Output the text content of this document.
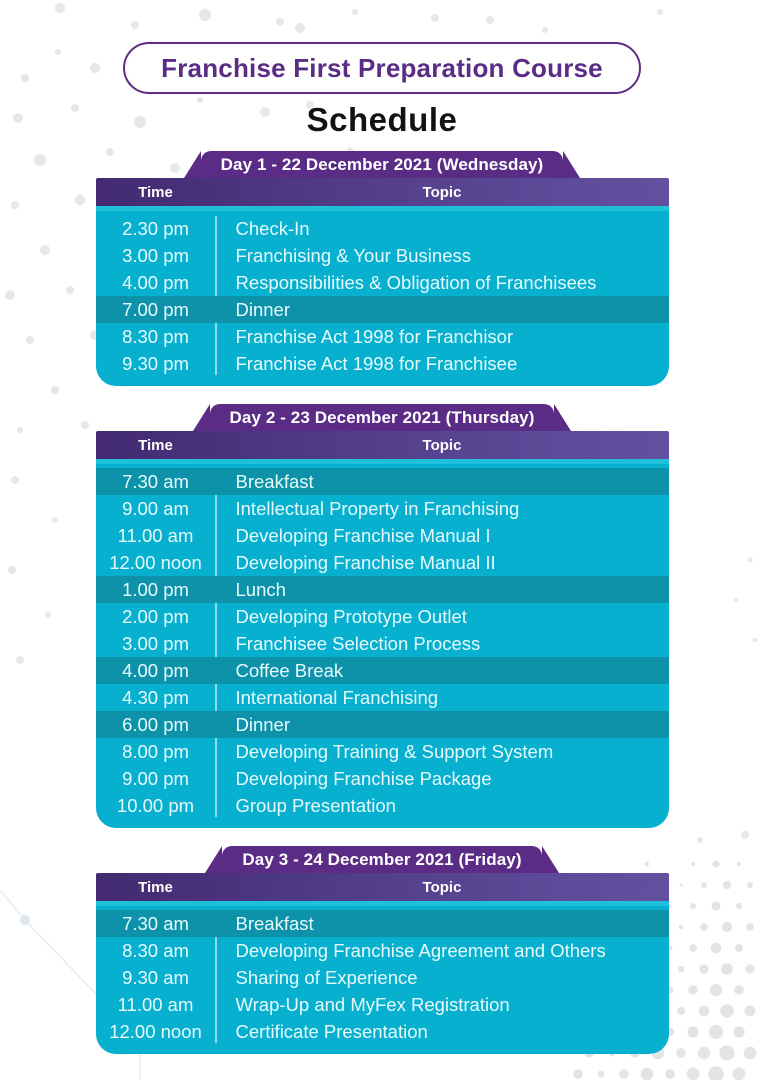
Franchise First Preparation Course
Schedule
Day 1 - 22 December 2021 (Wednesday)
Time	Topic
2.30 pm	Check-In
3.00 pm	Franchising & Your Business
4.00 pm	Responsibilities & Obligation of Franchisees
7.00 pm	Dinner
8.30 pm	Franchise Act 1998 for Franchisor
9.30 pm	Franchise Act 1998 for Franchisee
Day 2 - 23 December 2021 (Thursday)
Time	Topic
7.30 am	Breakfast
9.00 am	Intellectual Property in Franchising
11.00 am	Developing Franchise Manual I
12.00 noon	Developing Franchise Manual II
1.00 pm	Lunch
2.00 pm	Developing Prototype Outlet
3.00 pm	Franchisee Selection Process
4.00 pm	Coffee Break
4.30 pm	International Franchising
6.00 pm	Dinner
8.00 pm	Developing Training & Support System
9.00 pm	Developing Franchise Package
10.00 pm	Group Presentation
Day 3 - 24 December 2021 (Friday)
Time	Topic
7.30 am	Breakfast
8.30 am	Developing Franchise Agreement and Others
9.30 am	Sharing of Experience
11.00 am	Wrap-Up and MyFex Registration
12.00 noon	Certificate Presentation
